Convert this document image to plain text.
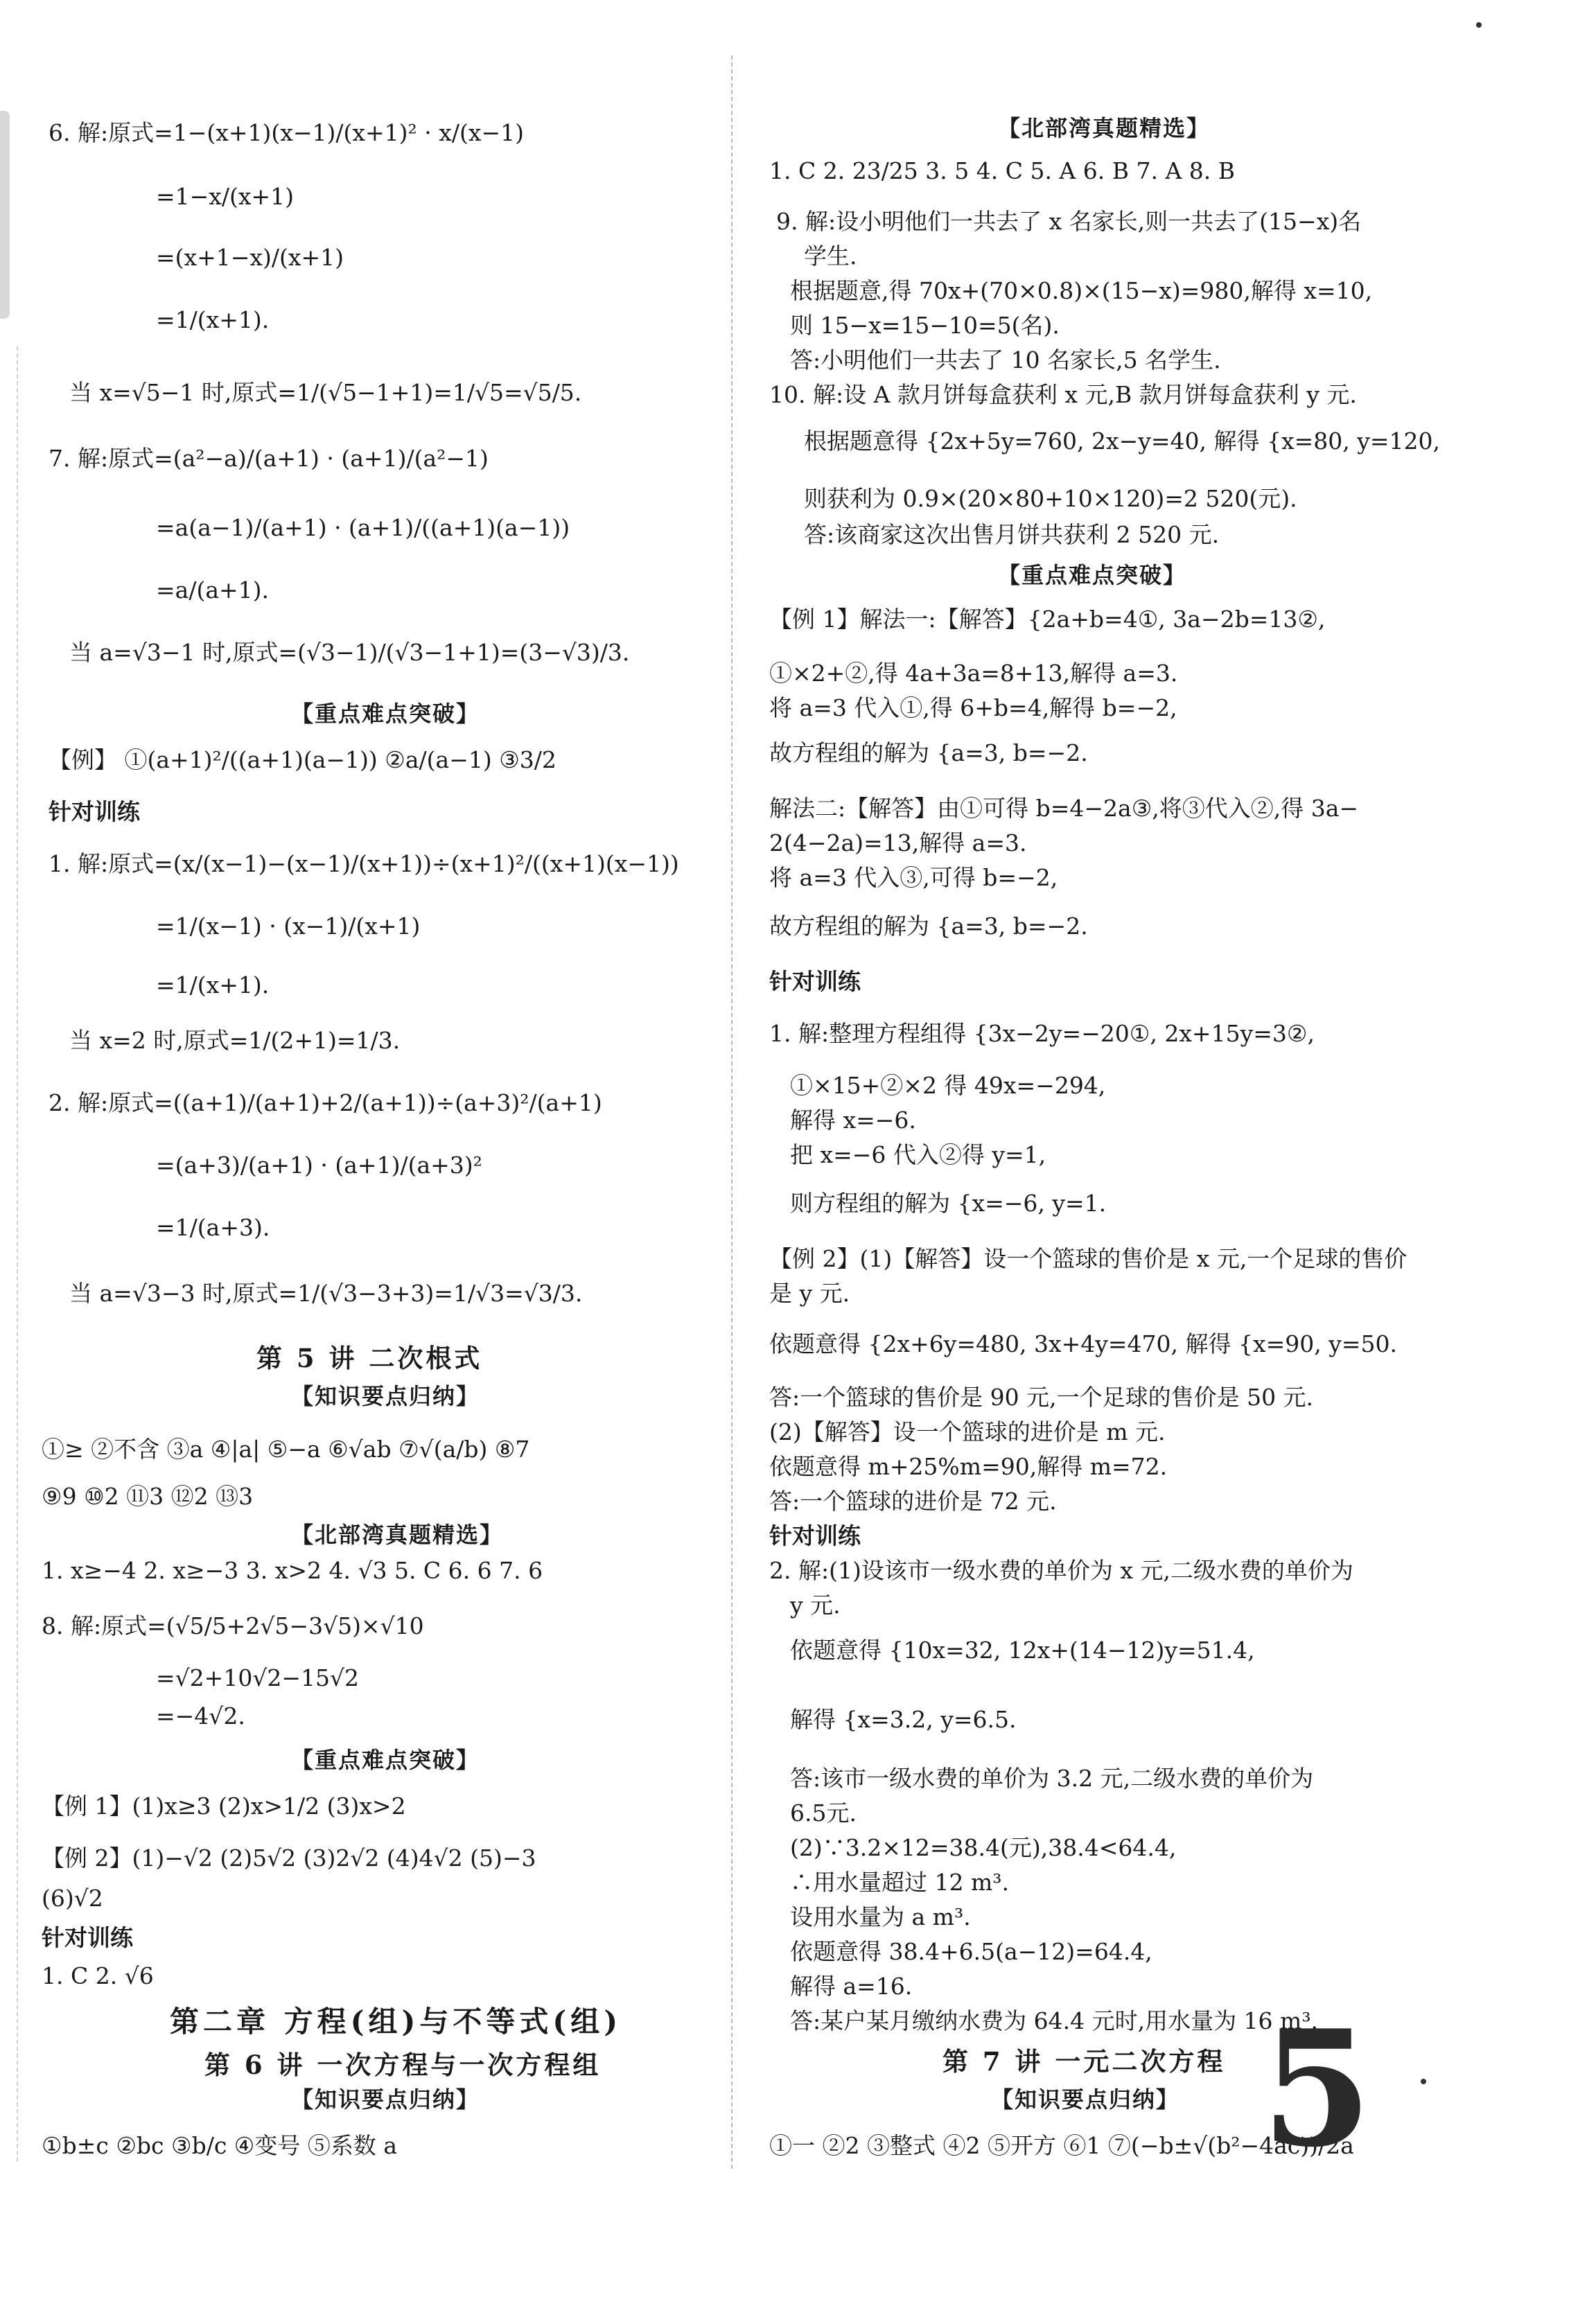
6. 解:原式=1−(x+1)(x−1)/(x+1)² · x/(x−1)
=1−x/(x+1)
=(x+1−x)/(x+1)
=1/(x+1).
当 x=√5−1 时,原式=1/(√5−1+1)=1/√5=√5/5.
7. 解:原式=(a²−a)/(a+1) · (a+1)/(a²−1)
=a(a−1)/(a+1) · (a+1)/((a+1)(a−1))
=a/(a+1).
当 a=√3−1 时,原式=(√3−1)/(√3−1+1)=(3−√3)/3.
【重点难点突破】
【例】 ①(a+1)²/((a+1)(a−1)) ②a/(a−1) ③3/2
针对训练
1. 解:原式=(x/(x−1)−(x−1)/(x+1))÷(x+1)²/((x+1)(x−1))
=1/(x−1) · (x−1)/(x+1)
=1/(x+1).
当 x=2 时,原式=1/(2+1)=1/3.
2. 解:原式=((a+1)/(a+1)+2/(a+1))÷(a+3)²/(a+1)
=(a+3)/(a+1) · (a+1)/(a+3)²
=1/(a+3).
当 a=√3−3 时,原式=1/(√3−3+3)=1/√3=√3/3.
第 5 讲 二次根式
【知识要点归纳】
①≥ ②不含 ③a ④|a| ⑤−a ⑥√ab ⑦√(a/b) ⑧7
⑨9 ⑩2 ⑪3 ⑫2 ⑬3
【北部湾真题精选】
1. x≥−4 2. x≥−3 3. x>2 4. √3 5. C 6. 6 7. 6
8. 解:原式=(√5/5+2√5−3√5)×√10
=√2+10√2−15√2
=−4√2.
【重点难点突破】
【例 1】(1)x≥3 (2)x>1/2 (3)x>2
【例 2】(1)−√2 (2)5√2 (3)2√2 (4)4√2 (5)−3
(6)√2
针对训练
1. C 2. √6
第二章 方程(组)与不等式(组)
第 6 讲 一次方程与一次方程组
【知识要点归纳】
①b±c ②bc ③b/c ④变号 ⑤系数 a
【北部湾真题精选】
1. C 2. 23/25 3. 5 4. C 5. A 6. B 7. A 8. B
9. 解:设小明他们一共去了 x 名家长,则一共去了(15−x)名
学生.
根据题意,得 70x+(70×0.8)×(15−x)=980,解得 x=10,
则 15−x=15−10=5(名).
答:小明他们一共去了 10 名家长,5 名学生.
10. 解:设 A 款月饼每盒获利 x 元,B 款月饼每盒获利 y 元.
根据题意得 {2x+5y=760, 2x−y=40, 解得 {x=80, y=120,
则获利为 0.9×(20×80+10×120)=2 520(元).
答:该商家这次出售月饼共获利 2 520 元.
【重点难点突破】
【例 1】解法一:【解答】{2a+b=4①, 3a−2b=13②,
①×2+②,得 4a+3a=8+13,解得 a=3.
将 a=3 代入①,得 6+b=4,解得 b=−2,
故方程组的解为 {a=3, b=−2.
解法二:【解答】由①可得 b=4−2a③,将③代入②,得 3a−
2(4−2a)=13,解得 a=3.
将 a=3 代入③,可得 b=−2,
故方程组的解为 {a=3, b=−2.
针对训练
1. 解:整理方程组得 {3x−2y=−20①, 2x+15y=3②,
①×15+②×2 得 49x=−294,
解得 x=−6.
把 x=−6 代入②得 y=1,
则方程组的解为 {x=−6, y=1.
【例 2】(1)【解答】设一个篮球的售价是 x 元,一个足球的售价
是 y 元.
依题意得 {2x+6y=480, 3x+4y=470, 解得 {x=90, y=50.
答:一个篮球的售价是 90 元,一个足球的售价是 50 元.
(2)【解答】设一个篮球的进价是 m 元.
依题意得 m+25%m=90,解得 m=72.
答:一个篮球的进价是 72 元.
针对训练
2. 解:(1)设该市一级水费的单价为 x 元,二级水费的单价为
y 元.
依题意得 {10x=32, 12x+(14−12)y=51.4,
解得 {x=3.2, y=6.5.
答:该市一级水费的单价为 3.2 元,二级水费的单价为
6.5元.
(2)∵3.2×12=38.4(元),38.4<64.4,
∴用水量超过 12 m³.
设用水量为 a m³.
依题意得 38.4+6.5(a−12)=64.4,
解得 a=16.
答:某户某月缴纳水费为 64.4 元时,用水量为 16 m³.
第 7 讲 一元二次方程
【知识要点归纳】
①一 ②2 ③整式 ④2 ⑤开方 ⑥1 ⑦(−b±√(b²−4ac))/2a
5
